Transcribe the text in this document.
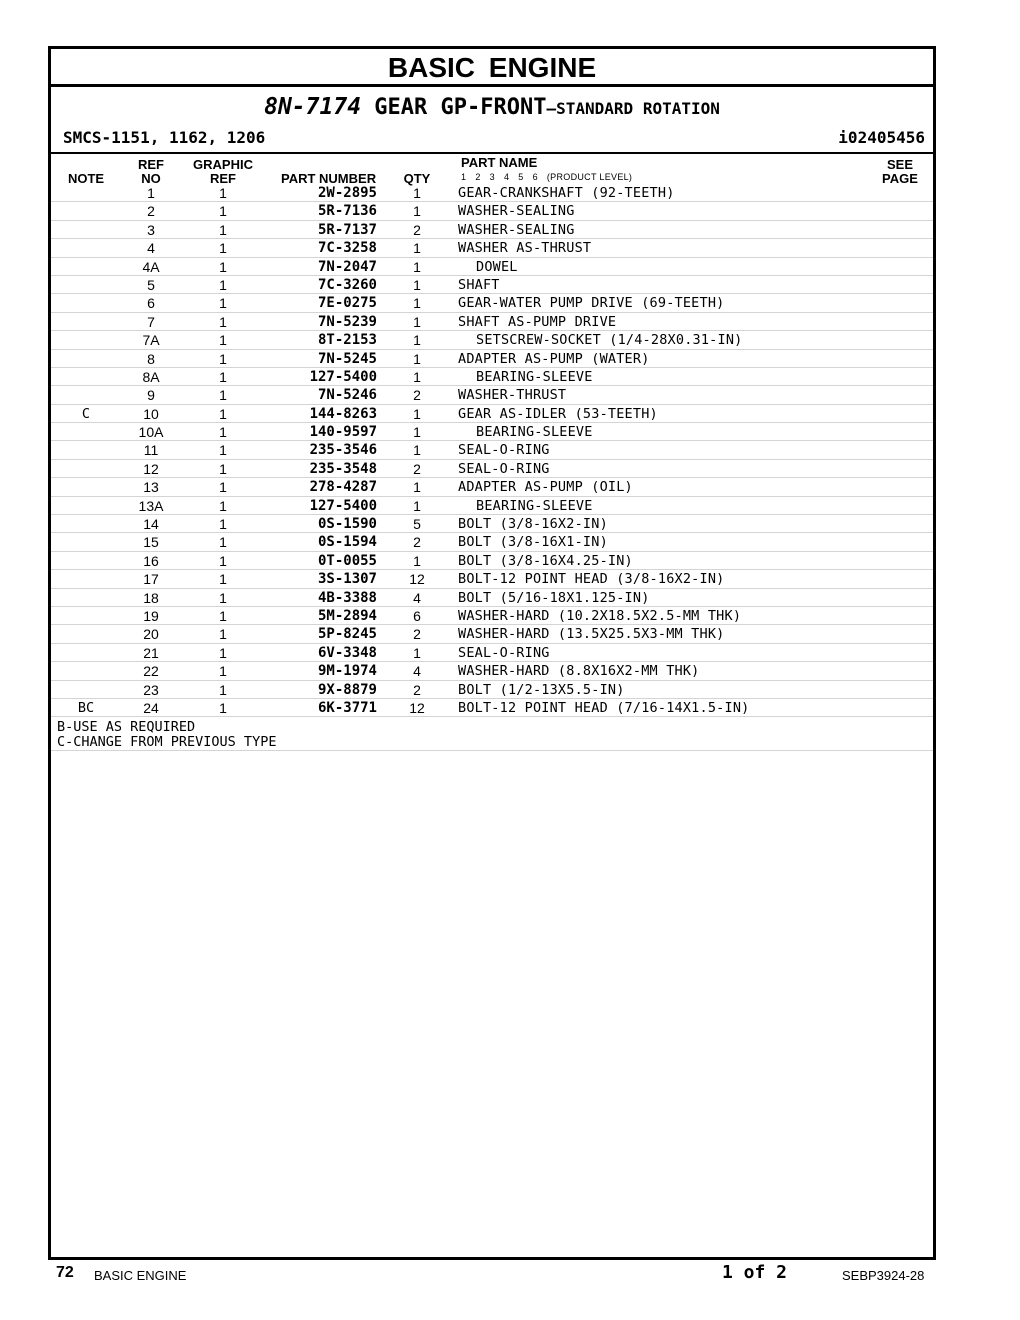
BASIC ENGINE
8N-7174 GEAR GP-FRONT—STANDARD ROTATION
SMCS-1151, 1162, 1206	i02405456
NOTE
REF
NO
GRAPHIC
REF	PART NUMBER	QTY
PART NAME
1 2 3 4 5 6 (PRODUCT LEVEL)
SEE
PAGE
1	1	2W-2895	1	GEAR-CRANKSHAFT (92-TEETH)
2	1	5R-7136	1	WASHER-SEALING
3	1	5R-7137	2	WASHER-SEALING
4	1	7C-3258	1	WASHER AS-THRUST
4A	1	7N-2047	1	DOWEL
5	1	7C-3260	1	SHAFT
6	1	7E-0275	1	GEAR-WATER PUMP DRIVE (69-TEETH)
7	1	7N-5239	1	SHAFT AS-PUMP DRIVE
7A	1	8T-2153	1	SETSCREW-SOCKET (1/4-28X0.31-IN)
8	1	7N-5245	1	ADAPTER AS-PUMP (WATER)
8A	1	127-5400	1	BEARING-SLEEVE
9	1	7N-5246	2	WASHER-THRUST
C	10	1	144-8263	1	GEAR AS-IDLER (53-TEETH)
10A	1	140-9597	1	BEARING-SLEEVE
11	1	235-3546	1	SEAL-O-RING
12	1	235-3548	2	SEAL-O-RING
13	1	278-4287	1	ADAPTER AS-PUMP (OIL)
13A	1	127-5400	1	BEARING-SLEEVE
14	1	0S-1590	5	BOLT (3/8-16X2-IN)
15	1	0S-1594	2	BOLT (3/8-16X1-IN)
16	1	0T-0055	1	BOLT (3/8-16X4.25-IN)
17	1	3S-1307	12	BOLT-12 POINT HEAD (3/8-16X2-IN)
18	1	4B-3388	4	BOLT (5/16-18X1.125-IN)
19	1	5M-2894	6	WASHER-HARD (10.2X18.5X2.5-MM THK)
20	1	5P-8245	2	WASHER-HARD (13.5X25.5X3-MM THK)
21	1	6V-3348	1	SEAL-O-RING
22	1	9M-1974	4	WASHER-HARD (8.8X16X2-MM THK)
23	1	9X-8879	2	BOLT (1/2-13X5.5-IN)
BC	24	1	6K-3771	12	BOLT-12 POINT HEAD (7/16-14X1.5-IN)
B-USE AS REQUIRED
C-CHANGE FROM PREVIOUS TYPE
72 BASIC ENGINE	1 of 2	SEBP3924-28
